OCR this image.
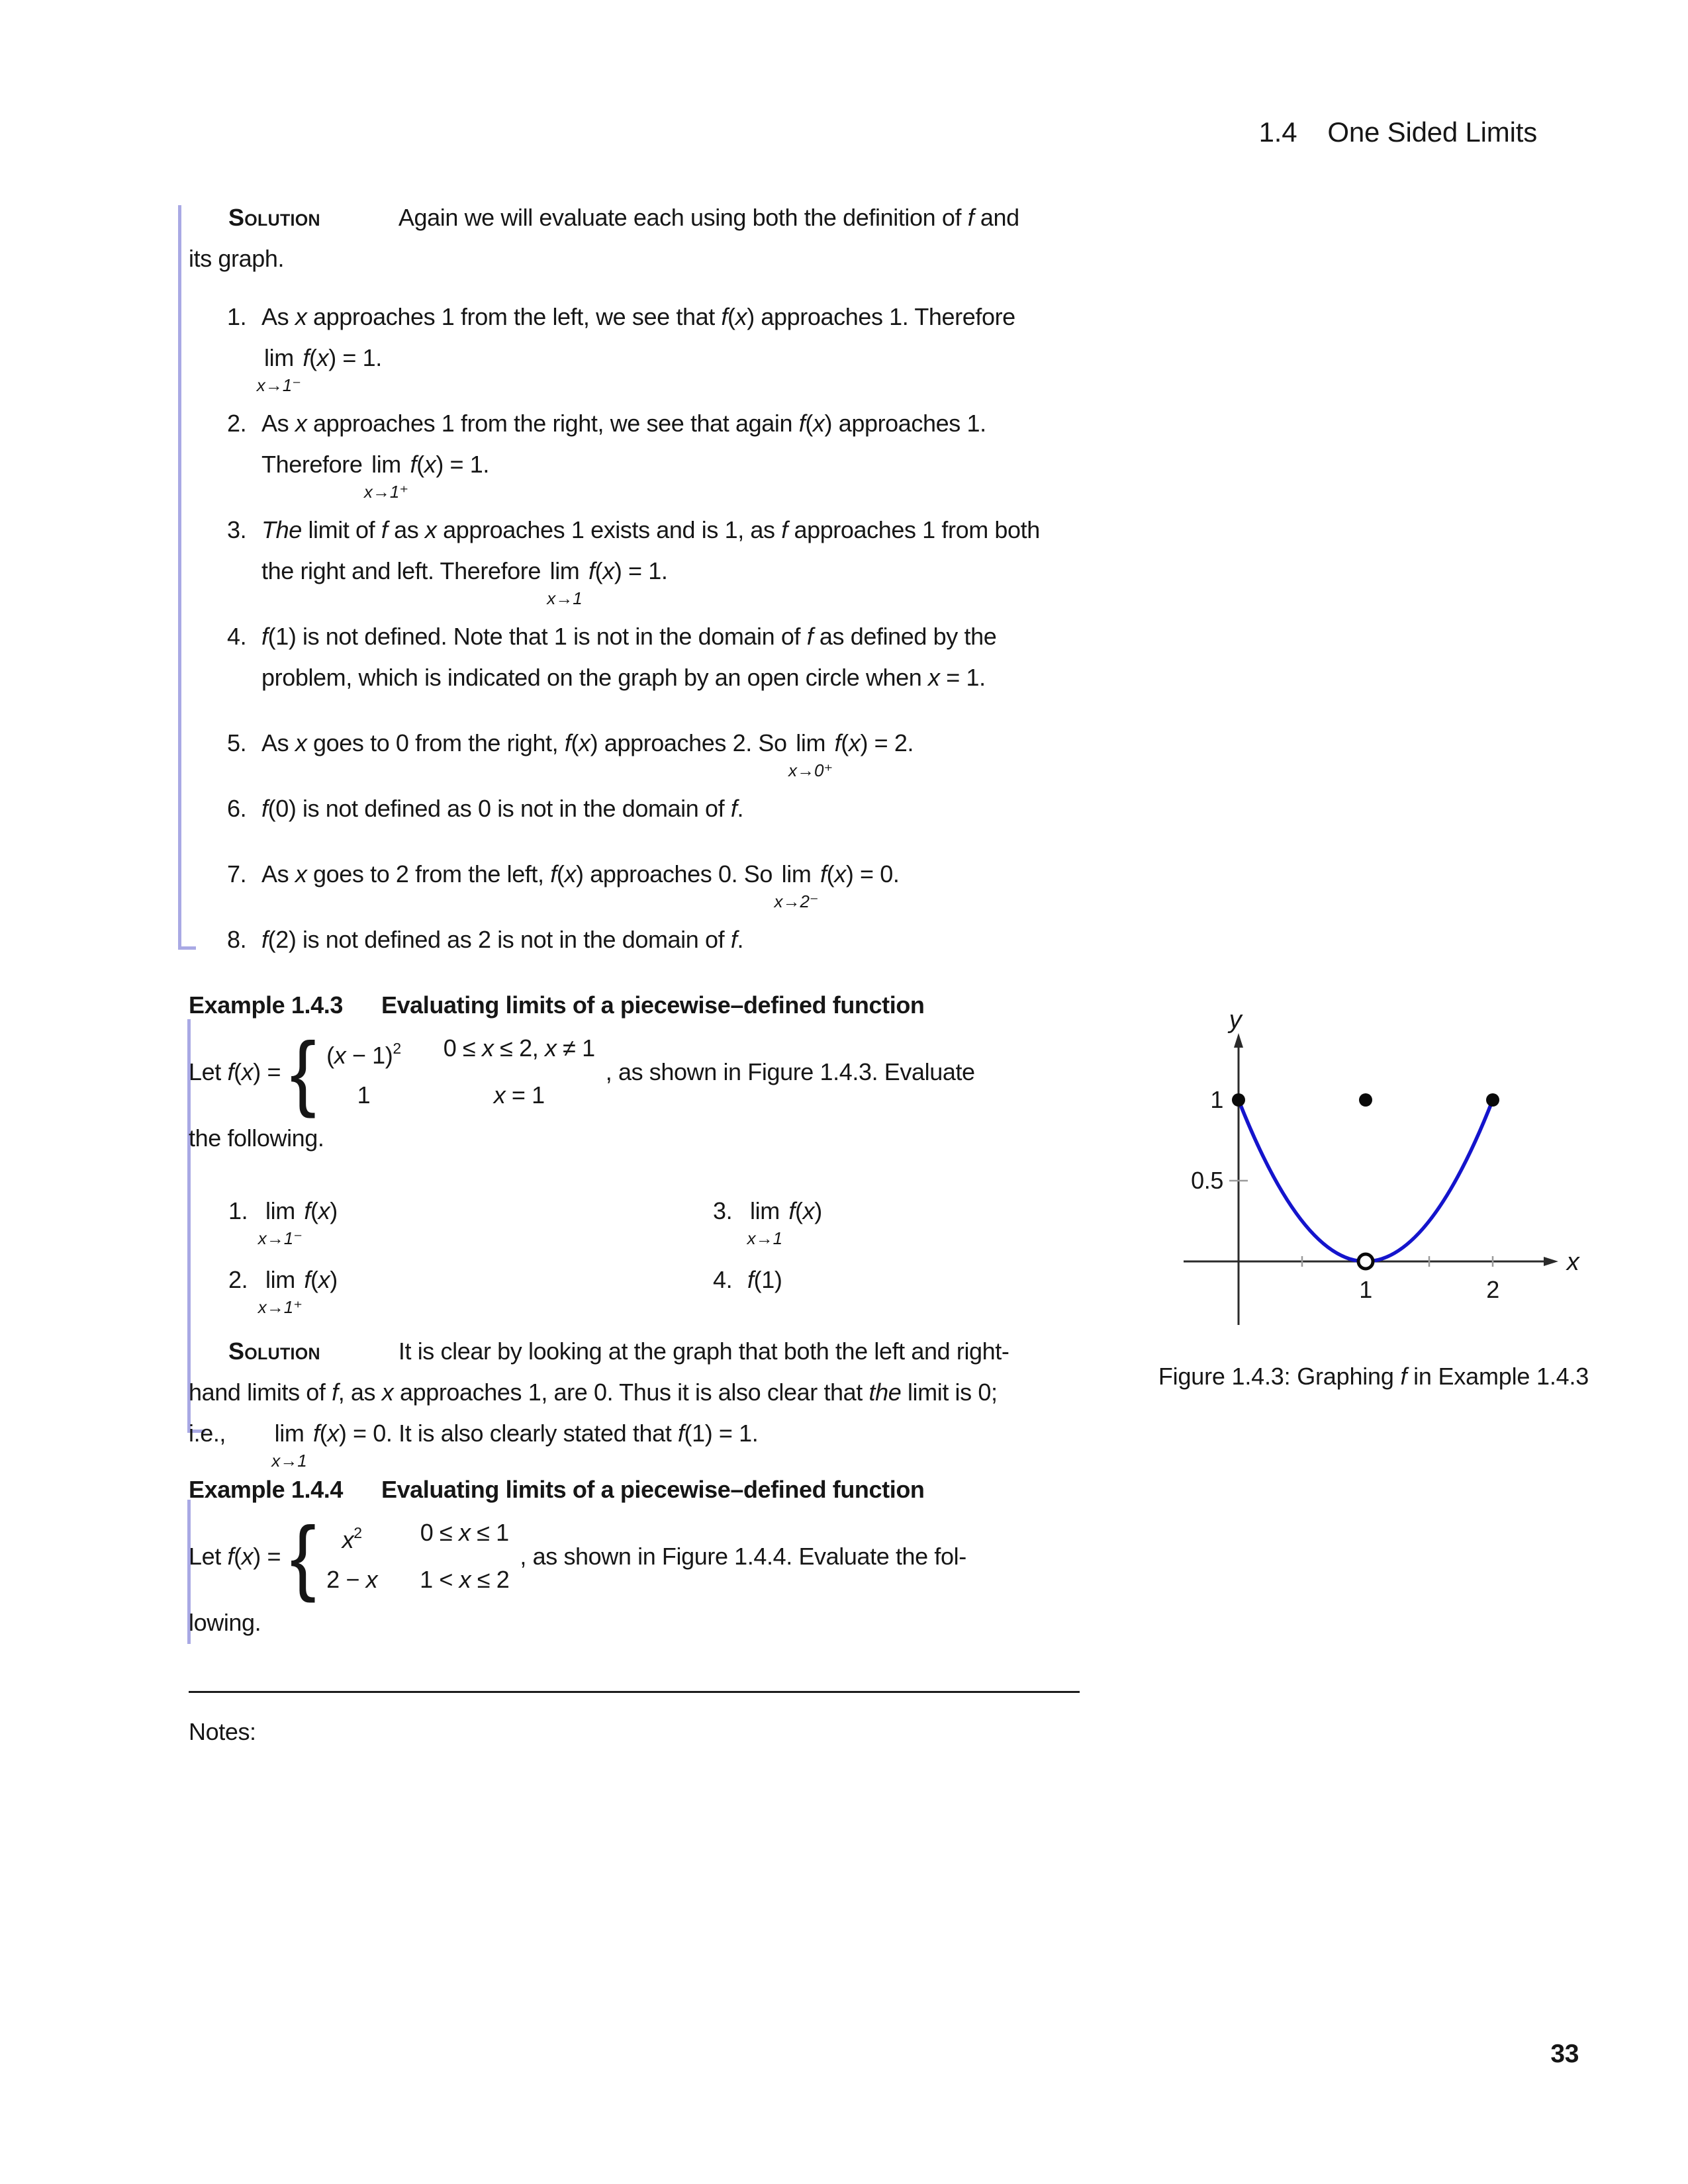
1.4 One Sided Limits

Solution	Again we will evaluate each using both the definition of f and
its graph.

1. As x approaches 1 from the left, we see that f(x) approaches 1. Therefore
lim
x→1⁻
f(x) = 1.
2. As x approaches 1 from the right, we see that again f(x) approaches 1.
Therefore lim
x→1⁺
f(x) = 1.
3. The limit of f as x approaches 1 exists and is 1, as f approaches 1 from both
the right and left. Therefore lim
x→1
f(x) = 1.
4. f(1) is not defined. Note that 1 is not in the domain of f as defined by the
problem, which is indicated on the graph by an open circle when x = 1.
5. As x goes to 0 from the right, f(x) approaches 2. So lim
x→0⁺
f(x) = 2.
6. f(0) is not defined as 0 is not in the domain of f.
7. As x goes to 2 from the left, f(x) approaches 0. So lim
x→2⁻
f(x) = 0.
8. f(2) is not defined as 2 is not in the domain of f.
Example 1.4.3 Evaluating limits of a piecewise–defined function
Let f(x) = { $(x - 1)^2$ 0 ≤ x ≤ 2, x ≠ 1
1	x = 1
, as shown in Figure 1.4.3. Evaluate
the following.
1. lim
x→1⁻
f(x)	3. lim
x→1
f(x)
2. lim
x→1⁺
f(x)	4. f(1)

Solution	It is clear by looking at the graph that both the left and right-
hand limits of f, as x approaches 1, are 0. Thus it is also clear that the limit is 0;
i.e., lim
x→1
f(x) = 0. It is also clearly stated that f(1) = 1.

Example 1.4.4 Evaluating limits of a piecewise–defined function
Let f(x) = {	$x^2$	0 ≤ x ≤ 1
2 − x 1 < x ≤ 2
, as shown in Figure 1.4.4. Evaluate the fol-
lowing.
y
x
1
0.5
1	2
Figure 1.4.3: Graphing f in Example 1.4.3
Notes:
33
